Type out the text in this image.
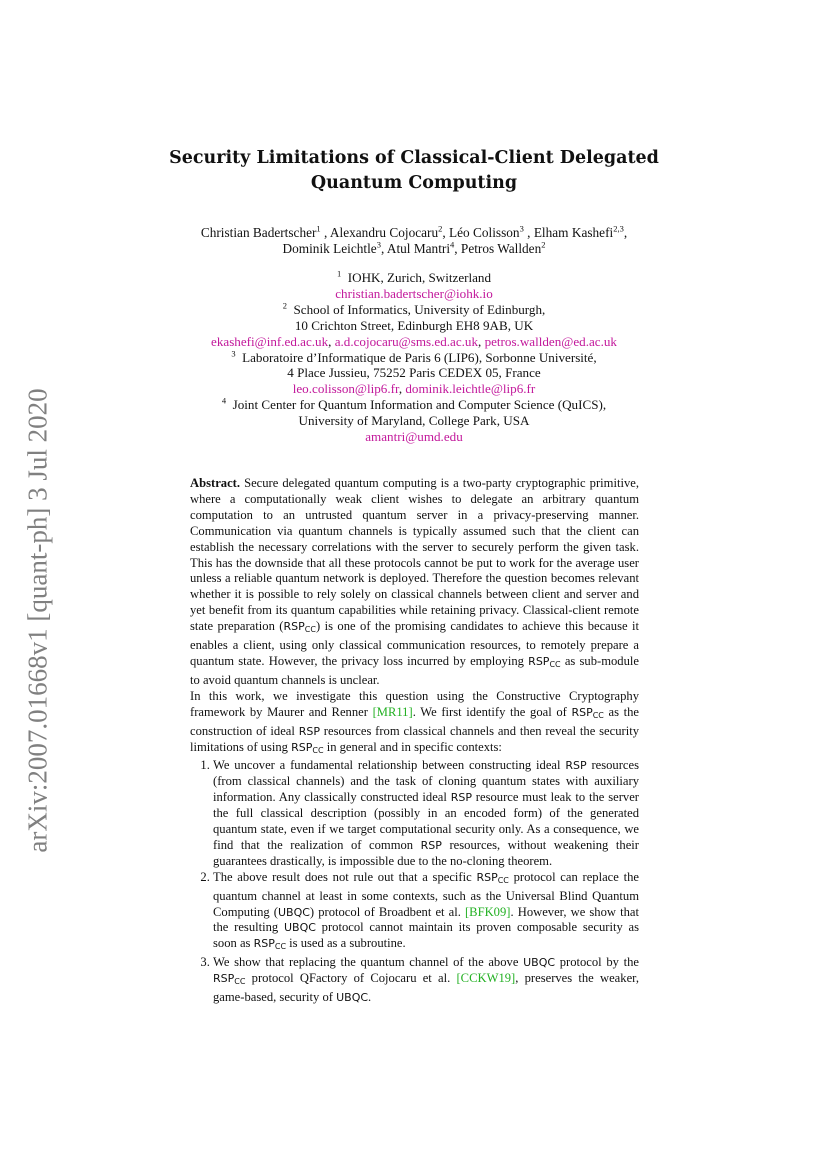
arXiv:2007.01668v1 [quant-ph] 3 Jul 2020
Security Limitations of Classical-Client Delegated
Quantum Computing
Christian Badertscher$^1$ , Alexandru Cojocaru$^2$, Léo Colisson$^3$ , Elham Kashefi$^{2,3}$,
Dominik Leichtle$^3$, Atul Mantri$^4$, Petros Wallden$^2$
$^1$ IOHK, Zurich, Switzerland
christian.badertscher@iohk.io
$^2$ School of Informatics, University of Edinburgh,
10 Crichton Street, Edinburgh EH8 9AB, UK
ekashefi@inf.ed.ac.uk, a.d.cojocaru@sms.ed.ac.uk, petros.wallden@ed.ac.uk
$^3$ Laboratoire d’Informatique de Paris 6 (LIP6), Sorbonne Université,
4 Place Jussieu, 75252 Paris CEDEX 05, France
leo.colisson@lip6.fr, dominik.leichtle@lip6.fr
$^4$ Joint Center for Quantum Information and Computer Science (QuICS),
University of Maryland, College Park, USA
amantri@umd.edu

Abstract. Secure delegated quantum computing is a two-party cryptographic primitive, where a computationally weak client wishes to delegate an arbitrary quantum computation to an untrusted quantum server in a privacy-preserving manner. Communication via quantum channels is typically assumed such that the client can establish the necessary correlations with the server to securely perform the given task. This has the downside that all these protocols cannot be put to work for the average user unless a reliable quantum network is deployed. Therefore the question becomes relevant whether it is possible to rely solely on classical channels between client and server and yet benefit from its quantum capabilities while retaining privacy. Classical-client remote state preparation $(RSP_{CC})$ is one of the promising candidates to achieve this because it enables a client, using only classical communication resources, to remotely prepare a quantum state. However, the privacy loss incurred by employing $RSP_{CC}$ as sub-module to avoid quantum channels is unclear.

In this work, we investigate this question using the Constructive Cryptography framework by Maurer and Renner [MR11]. We first identify the goal of $RSP_{CC}$ as the construction of ideal RSP resources from classical channels and then reveal the security limitations of using $RSP_{CC}$ in general and in specific contexts:

1. We uncover a fundamental relationship between constructing ideal RSP resources (from classical channels) and the task of cloning quantum states with auxiliary information. Any classically constructed ideal RSP resource must leak to the server the full classical description (possibly in an encoded form) of the generated quantum state, even if we target computational security only. As a consequence, we find that the realization of common RSP resources, without weakening their guarantees drastically, is impossible due to the no-cloning theorem.
2. The above result does not rule out that a specific $RSP_{CC}$ protocol can replace the quantum channel at least in some contexts, such as the Universal Blind Quantum Computing (UBQC) protocol of Broadbent et al. [BFK09]. However, we show that the resulting UBQC protocol cannot maintain its proven composable security as soon as $RSP_{CC}$ is used as a subroutine.
3. We show that replacing the quantum channel of the above UBQC protocol by the $RSP_{CC}$ protocol QFactory of Cojocaru et al. [CCKW19], preserves the weaker, game-based, security of UBQC.
